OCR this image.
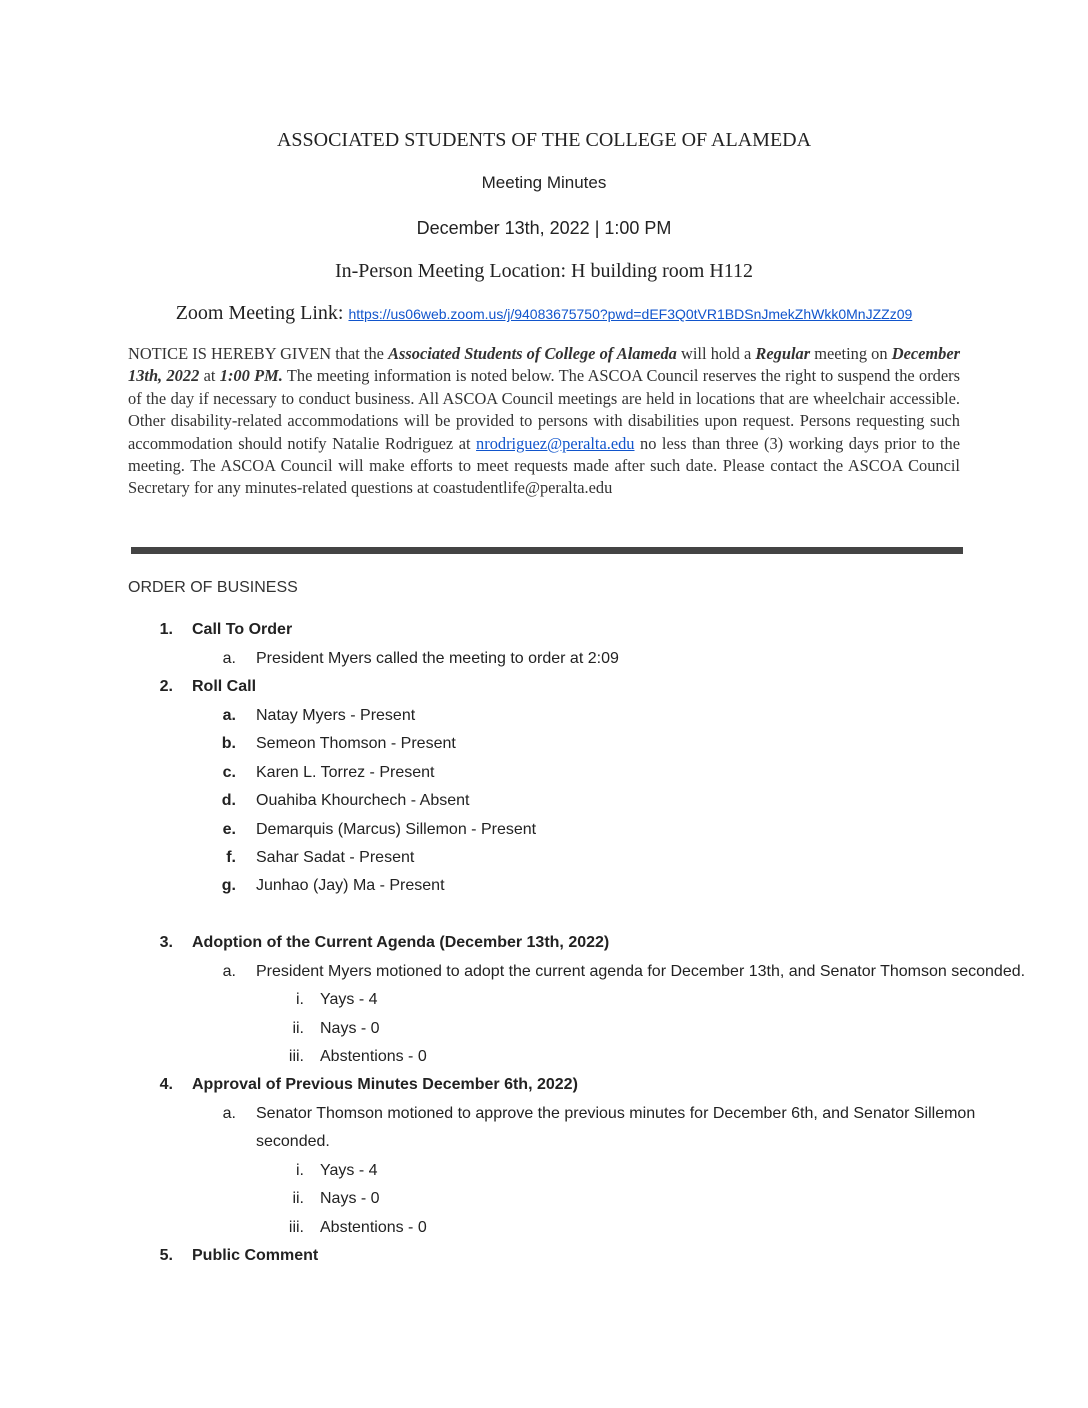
ASSOCIATED STUDENTS OF THE COLLEGE OF ALAMEDA
Meeting Minutes
December 13th, 2022 | 1:00 PM
In-Person Meeting Location: H building room H112
Zoom Meeting Link: https://us06web.zoom.us/j/94083675750?pwd=dEF3Q0tVR1BDSnJmekZhWkk0MnJZZz09
NOTICE IS HEREBY GIVEN that the Associated Students of College of Alameda will hold a Regular meeting on December 13th, 2022 at 1:00 PM. The meeting information is noted below. The ASCOA Council reserves the right to suspend the orders of the day if necessary to conduct business. All ASCOA Council meetings are held in locations that are wheelchair accessible. Other disability-related accommodations will be provided to persons with disabilities upon request. Persons requesting such accommodation should notify Natalie Rodriguez at nrodriguez@peralta.edu no less than three (3) working days prior to the meeting. The ASCOA Council will make efforts to meet requests made after such date. Please contact the ASCOA Council Secretary for any minutes-related questions at coastudentlife@peralta.edu
ORDER OF BUSINESS
1. Call To Order
a. President Myers called the meeting to order at 2:09
2. Roll Call
a. Natay Myers - Present
b. Semeon Thomson - Present
c. Karen L. Torrez - Present
d. Ouahiba Khourchech - Absent
e. Demarquis (Marcus) Sillemon - Present
f. Sahar Sadat - Present
g. Junhao (Jay) Ma - Present
3. Adoption of the Current Agenda (December 13th, 2022)
a. President Myers motioned to adopt the current agenda for December 13th, and Senator Thomson seconded.
i. Yays - 4
ii. Nays - 0
iii. Abstentions - 0
4. Approval of Previous Minutes December 6th, 2022)
a. Senator Thomson motioned to approve the previous minutes for December 6th, and Senator Sillemon
seconded.
i. Yays - 4
ii. Nays - 0
iii. Abstentions - 0
5. Public Comment
